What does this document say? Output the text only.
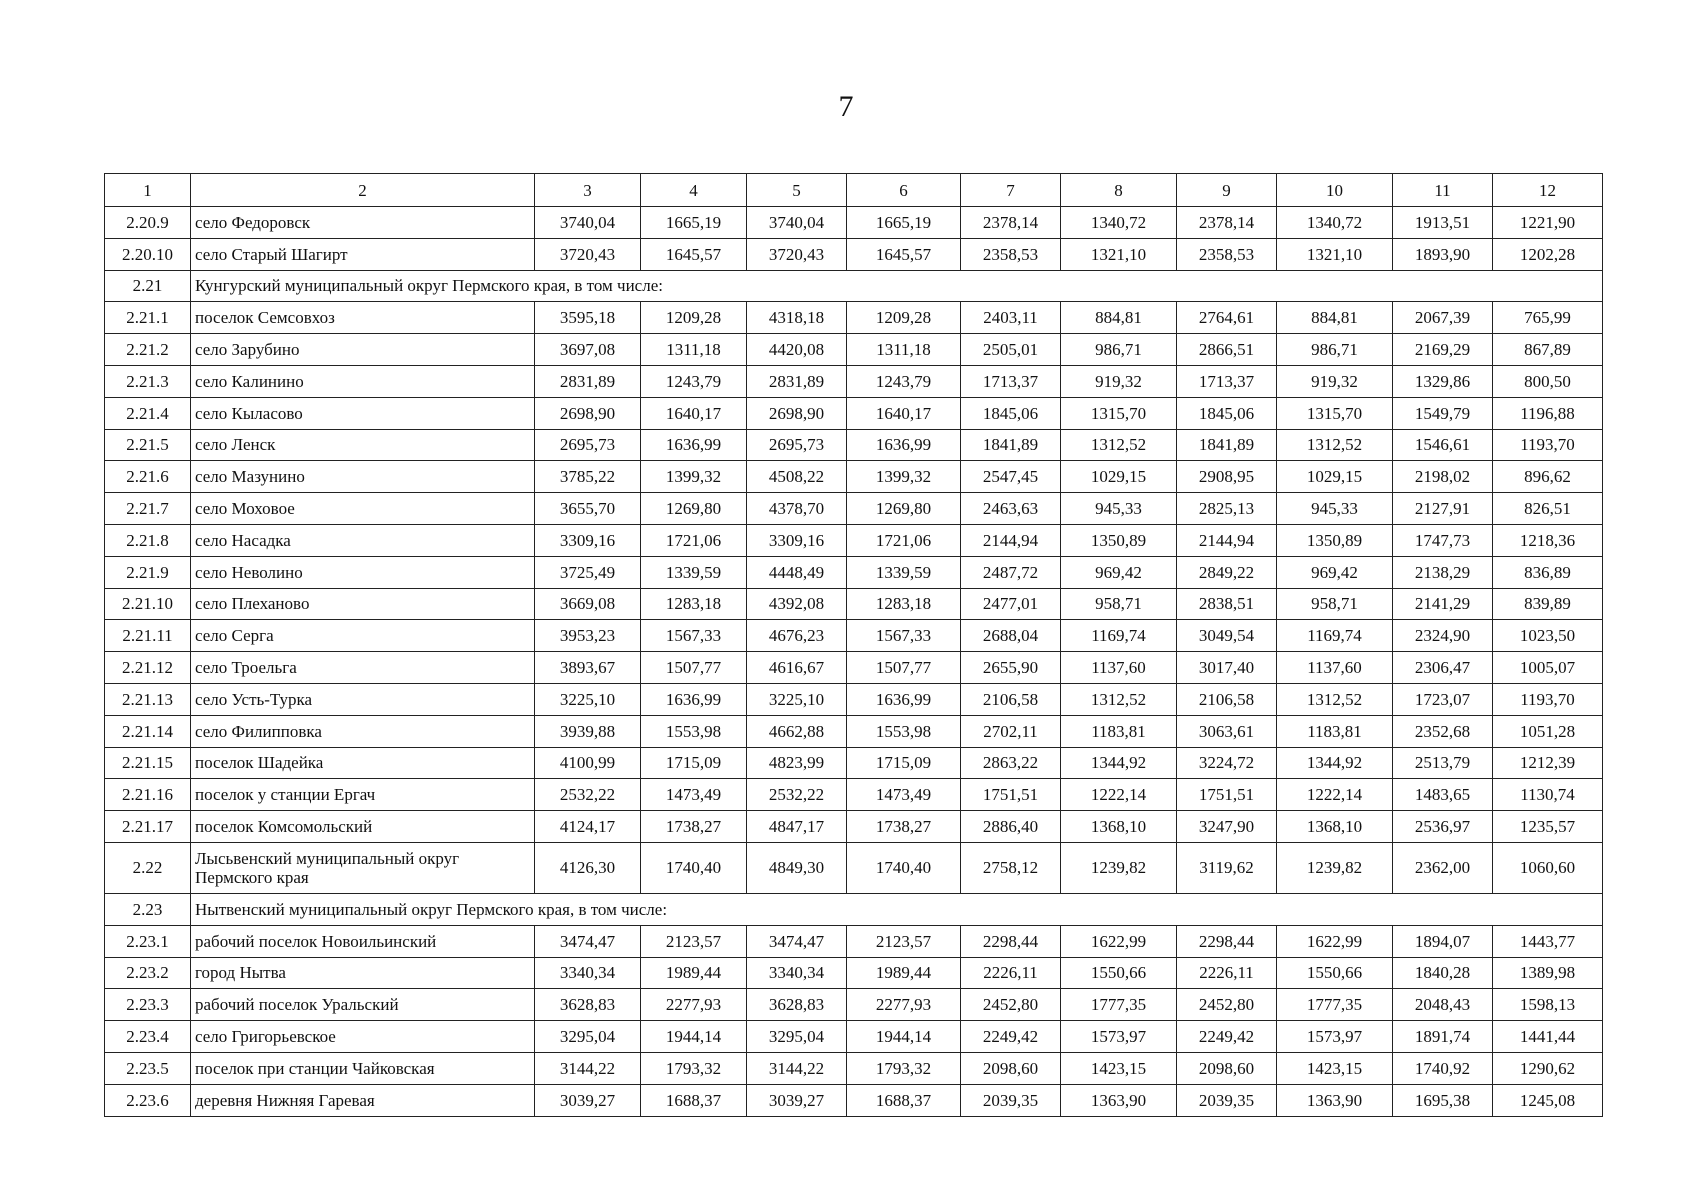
7
1	2	3	4	5	6	7	8	9	10	11	12
2.20.9	село Федоровск	3740,04	1665,19	3740,04	1665,19	2378,14	1340,72	2378,14	1340,72	1913,51	1221,90
2.20.10	село Старый Шагирт	3720,43	1645,57	3720,43	1645,57	2358,53	1321,10	2358,53	1321,10	1893,90	1202,28
2.21	Кунгурский муниципальный округ Пермского края, в том числе:										
2.21.1	поселок Семсовхоз	3595,18	1209,28	4318,18	1209,28	2403,11	884,81	2764,61	884,81	2067,39	765,99
2.21.2	село Зарубино	3697,08	1311,18	4420,08	1311,18	2505,01	986,71	2866,51	986,71	2169,29	867,89
2.21.3	село Калинино	2831,89	1243,79	2831,89	1243,79	1713,37	919,32	1713,37	919,32	1329,86	800,50
2.21.4	село Кыласово	2698,90	1640,17	2698,90	1640,17	1845,06	1315,70	1845,06	1315,70	1549,79	1196,88
2.21.5	село Ленск	2695,73	1636,99	2695,73	1636,99	1841,89	1312,52	1841,89	1312,52	1546,61	1193,70
2.21.6	село Мазунино	3785,22	1399,32	4508,22	1399,32	2547,45	1029,15	2908,95	1029,15	2198,02	896,62
2.21.7	село Моховое	3655,70	1269,80	4378,70	1269,80	2463,63	945,33	2825,13	945,33	2127,91	826,51
2.21.8	село Насадка	3309,16	1721,06	3309,16	1721,06	2144,94	1350,89	2144,94	1350,89	1747,73	1218,36
2.21.9	село Неволино	3725,49	1339,59	4448,49	1339,59	2487,72	969,42	2849,22	969,42	2138,29	836,89
2.21.10	село Плеханово	3669,08	1283,18	4392,08	1283,18	2477,01	958,71	2838,51	958,71	2141,29	839,89
2.21.11	село Серга	3953,23	1567,33	4676,23	1567,33	2688,04	1169,74	3049,54	1169,74	2324,90	1023,50
2.21.12	село Троельга	3893,67	1507,77	4616,67	1507,77	2655,90	1137,60	3017,40	1137,60	2306,47	1005,07
2.21.13	село Усть-Турка	3225,10	1636,99	3225,10	1636,99	2106,58	1312,52	2106,58	1312,52	1723,07	1193,70
2.21.14	село Филипповка	3939,88	1553,98	4662,88	1553,98	2702,11	1183,81	3063,61	1183,81	2352,68	1051,28
2.21.15	поселок Шадейка	4100,99	1715,09	4823,99	1715,09	2863,22	1344,92	3224,72	1344,92	2513,79	1212,39
2.21.16	поселок у станции Ергач	2532,22	1473,49	2532,22	1473,49	1751,51	1222,14	1751,51	1222,14	1483,65	1130,74
2.21.17	поселок Комсомольский	4124,17	1738,27	4847,17	1738,27	2886,40	1368,10	3247,90	1368,10	2536,97	1235,57
2.22	Лысьвенский муниципальный округ Пермского края	4126,30	1740,40	4849,30	1740,40	2758,12	1239,82	3119,62	1239,82	2362,00	1060,60
2.23	Нытвенский муниципальный округ Пермского края, в том числе:										
2.23.1	рабочий поселок Новоильинский	3474,47	2123,57	3474,47	2123,57	2298,44	1622,99	2298,44	1622,99	1894,07	1443,77
2.23.2	город Нытва	3340,34	1989,44	3340,34	1989,44	2226,11	1550,66	2226,11	1550,66	1840,28	1389,98
2.23.3	рабочий поселок Уральский	3628,83	2277,93	3628,83	2277,93	2452,80	1777,35	2452,80	1777,35	2048,43	1598,13
2.23.4	село Григорьевское	3295,04	1944,14	3295,04	1944,14	2249,42	1573,97	2249,42	1573,97	1891,74	1441,44
2.23.5	поселок при станции Чайковская	3144,22	1793,32	3144,22	1793,32	2098,60	1423,15	2098,60	1423,15	1740,92	1290,62
2.23.6	деревня Нижняя Гаревая	3039,27	1688,37	3039,27	1688,37	2039,35	1363,90	2039,35	1363,90	1695,38	1245,08
